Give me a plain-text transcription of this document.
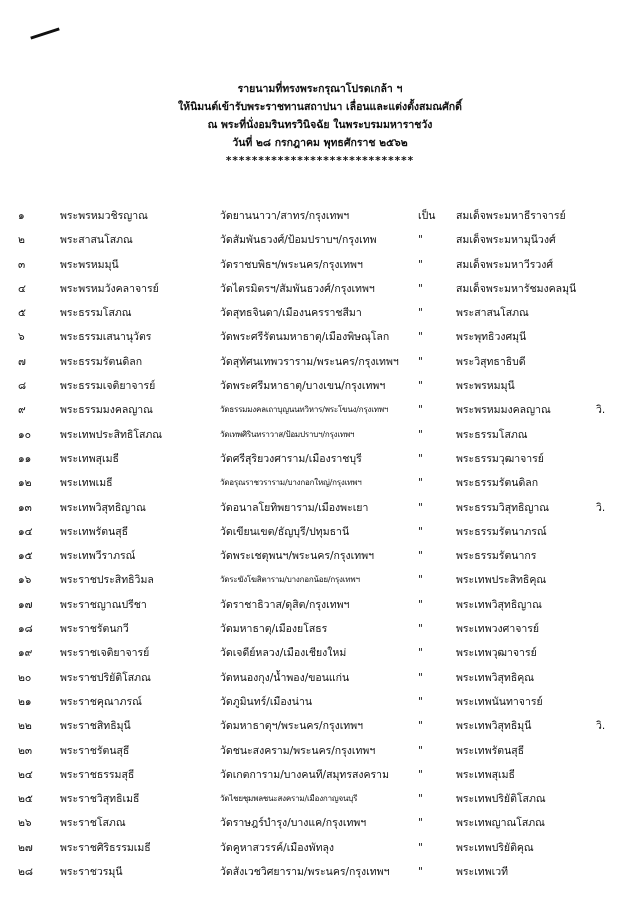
รายนามที่ทรงพระกรุณาโปรดเกล้า ฯ
ให้นิมนต์เข้ารับพระราชทานสถาปนา เลื่อนและแต่งตั้งสมณศักดิ์
ณ พระที่นั่งอมรินทรวินิจฉัย ในพระบรมมหาราชวัง
วันที่ ๒๘ กรกฎาคม พุทธศักราช ๒๕๖๒
*****************************
๑	พระพรหมวชิรญาณ	วัดยานนาวา/สาทร/กรุงเทพฯ	เป็น	สมเด็จพระมหาธีราจารย์
๒	พระสาสนโสภณ	วัดสัมพันธวงศ์/ป้อมปราบฯ/กรุงเทพ	"	สมเด็จพระมหามุนีวงศ์
๓	พระพรหมมุนี	วัดราชบพิธฯ/พระนคร/กรุงเทพฯ	"	สมเด็จพระมหาวีรวงศ์
๔	พระพรหมวังคลาจารย์	วัดไตรมิตรฯ/สัมพันธวงศ์/กรุงเทพฯ	"	สมเด็จพระมหารัชมงคลมุนี
๕	พระธรรมโสภณ	วัดสุทธจินดา/เมืองนครราชสีมา	"	พระสาสนโสภณ
๖	พระธรรมเสนานุวัตร	วัดพระศรีรัตนมหาธาตุ/เมืองพิษณุโลก	"	พระพุทธิวงศมุนี
๗	พระธรรมรัตนดิลก	วัดสุทัศนเทพวราราม/พระนคร/กรุงเทพฯ	"	พระวิสุทธาธิบดี
๘	พระธรรมเจติยาจารย์	วัดพระศรีมหาธาตุ/บางเขน/กรุงเทพฯ	"	พระพรหมมุนี
๙	พระธรรมมงคลญาณ	วัดธรรมมงคลเถาบุญนนทวิหาร/พระโขนง/กรุงเทพฯ	"	พระพรหมมงคลญาณ	วิ.
๑๐	พระเทพประสิทธิโสภณ	วัดเทพศิรินทราวาส/ป้อมปราบฯ/กรุงเทพฯ	"	พระธรรมโสภณ
๑๑	พระเทพสุเมธี	วัดศรีสุริยวงศาราม/เมืองราชบุรี	"	พระธรรมวุฒาจารย์
๑๒	พระเทพเมธี	วัดอรุณราชวราราม/บางกอกใหญ่/กรุงเทพฯ	"	พระธรรมรัตนดิลก
๑๓	พระเทพวิสุทธิญาณ	วัดอนาลโยทิพยาราม/เมืองพะเยา	"	พระธรรมวิสุทธิญาณ	วิ.
๑๔	พระเทพรัตนสุธี	วัดเขียนเขต/ธัญบุรี/ปทุมธานี	"	พระธรรมรัตนาภรณ์
๑๕	พระเทพวีราภรณ์	วัดพระเชตุพนฯ/พระนคร/กรุงเทพฯ	"	พระธรรมรัตนากร
๑๖	พระราชประสิทธิวิมล	วัดระฆังโฆสิตาราม/บางกอกน้อย/กรุงเทพฯ	"	พระเทพประสิทธิคุณ
๑๗	พระราชญาณปรีชา	วัดราชาธิวาส/ดุสิต/กรุงเทพฯ	"	พระเทพวิสุทธิญาณ
๑๘	พระราชรัตนกวี	วัดมหาธาตุ/เมืองยโสธร	"	พระเทพวงศาจารย์
๑๙	พระราชเจติยาจารย์	วัดเจดีย์หลวง/เมืองเชียงใหม่	"	พระเทพวุฒาจารย์
๒๐	พระราชปริยัติโสภณ	วัดหนองกุง/น้ำพอง/ขอนแก่น	"	พระเทพวิสุทธิคุณ
๒๑	พระราชคุณาภรณ์	วัดภูมินทร์/เมืองน่าน	"	พระเทพนันทาจารย์
๒๒	พระราชสิทธิมุนี	วัดมหาธาตุฯ/พระนคร/กรุงเทพฯ	"	พระเทพวิสุทธิมุนี	วิ.
๒๓	พระราชรัตนสุธี	วัดชนะสงคราม/พระนคร/กรุงเทพฯ	"	พระเทพรัตนสุธี
๒๔	พระราชธรรมสุธี	วัดเกตการาม/บางคนที/สมุทรสงคราม	"	พระเทพสุเมธี
๒๕	พระราชวิสุทธิเมธี	วัดไชยชุมพลชนะสงคราม/เมืองกาญจนบุรี	"	พระเทพปริยัติโสภณ
๒๖	พระราชโสภณ	วัดราษฎร์บำรุง/บางแค/กรุงเทพฯ	"	พระเทพญาณโสภณ
๒๗	พระราชศิริธรรมเมธี	วัดคูหาสวรรค์/เมืองพัทลุง	"	พระเทพปริยัติคุณ
๒๘	พระราชวรมุนี	วัดสังเวชวิศยาราม/พระนคร/กรุงเทพฯ	"	พระเทพเวที
